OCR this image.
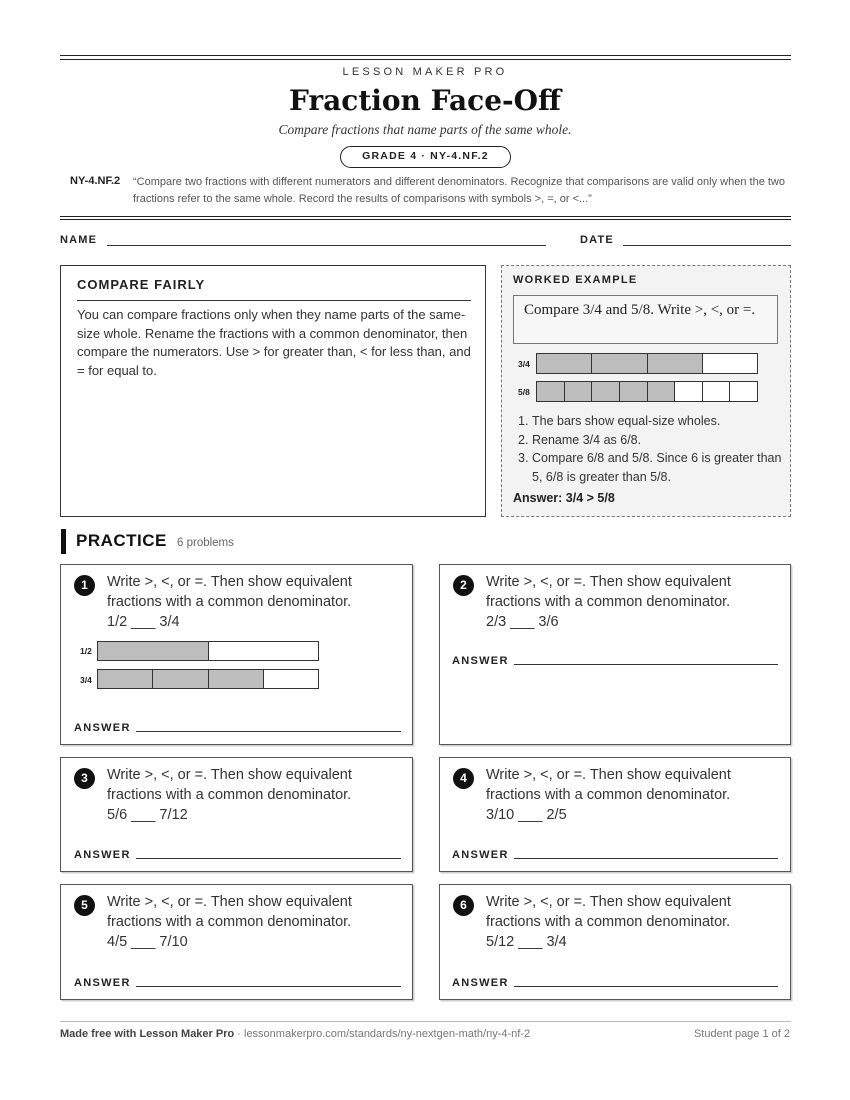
LESSON MAKER PRO
Fraction Face-Off
Compare fractions that name parts of the same whole.
GRADE 4 · NY-4.NF.2
NY-4.NF.2 “Compare two fractions with different numerators and different denominators. Recognize that comparisons are valid only when the two fractions refer to the same whole. Record the results of comparisons with symbols >, =, or <...”
NAME	DATE
COMPARE FAIRLY
You can compare fractions only when they name parts of the same-size whole. Rename the fractions with a common denominator, then compare the numerators. Use > for greater than, < for less than, and = for equal to.
WORKED EXAMPLE
Compare 3/4 and 5/8. Write >, <, or =.
3/4
5/8
1. The bars show equal-size wholes.
2. Rename 3/4 as 6/8.
3. Compare 6/8 and 5/8. Since 6 is greater than 5, 6/8 is greater than 5/8.
Answer: 3/4 > 5/8
PRACTICE 6 problems
1	Write >, <, or =. Then show equivalent fractions with a common denominator. 1/2 ___ 3/4
1/2
3/4
ANSWER
2	Write >, <, or =. Then show equivalent fractions with a common denominator. 2/3 ___ 3/6
ANSWER
3	Write >, <, or =. Then show equivalent fractions with a common denominator. 5/6 ___ 7/12
ANSWER
4	Write >, <, or =. Then show equivalent fractions with a common denominator. 3/10 ___ 2/5
ANSWER
5	Write >, <, or =. Then show equivalent fractions with a common denominator. 4/5 ___ 7/10
ANSWER
6	Write >, <, or =. Then show equivalent fractions with a common denominator. 5/12 ___ 3/4
ANSWER
Made free with Lesson Maker Pro · lessonmakerpro.com/standards/ny-nextgen-math/ny-4-nf-2	Student page 1 of 2
